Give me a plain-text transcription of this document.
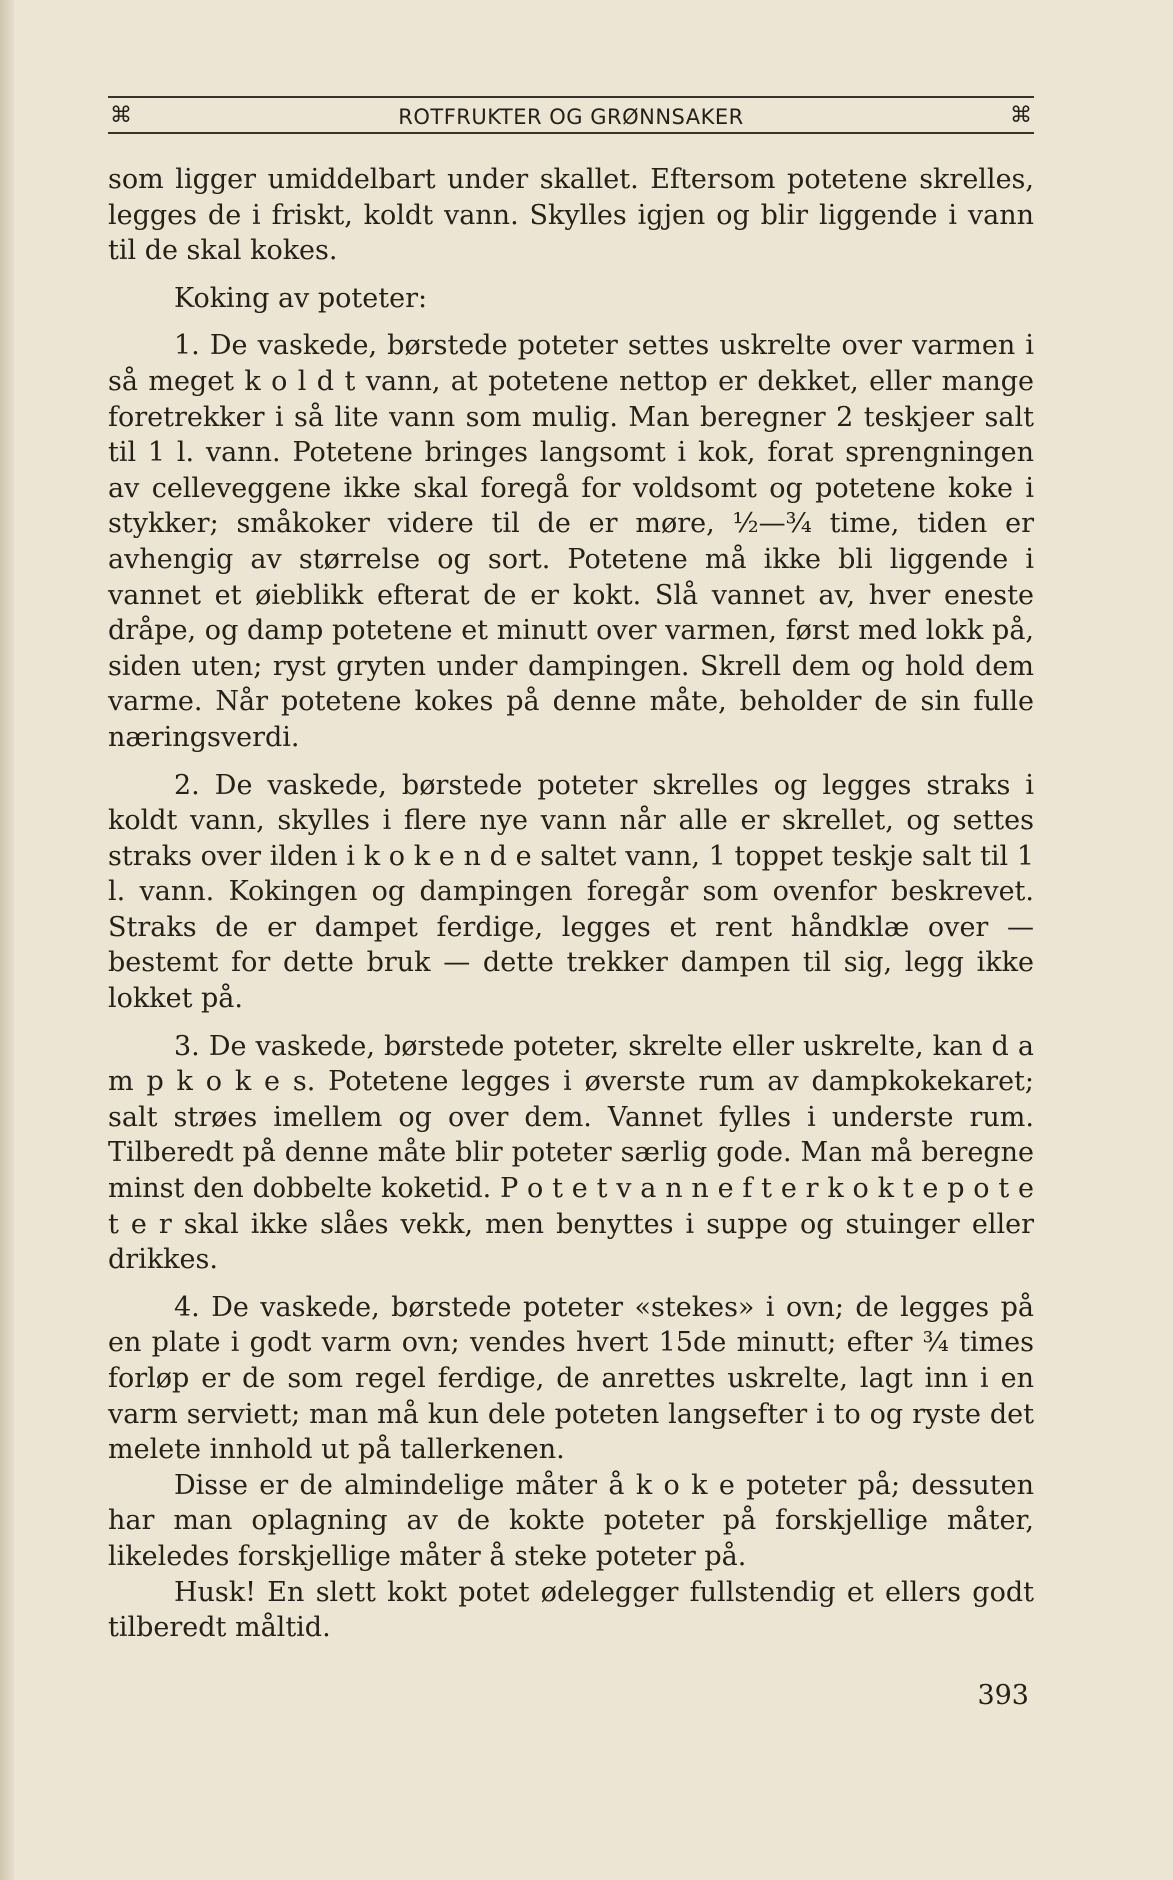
⌘	ROTFRUKTER OG GRØNNSAKER	⌘

som ligger umiddelbart under skallet. Eftersom potetene skrelles, legges de i friskt, koldt vann. Skylles igjen og blir liggende i vann til de skal kokes.

Koking av poteter:

1. De vaskede, børstede poteter settes uskrelte over varmen i så meget k o l d t vann, at potetene nettop er dekket, eller mange foretrekker i så lite vann som mulig. Man beregner 2 teskjeer salt til 1 l. vann. Potetene bringes langsomt i kok, forat sprengningen av celleveggene ikke skal foregå for voldsomt og potetene koke i stykker; småkoker videre til de er møre, ½—¾ time, tiden er avhengig av størrelse og sort. Potetene må ikke bli liggende i vannet et øieblikk efterat de er kokt. Slå vannet av, hver eneste dråpe, og damp potetene et minutt over varmen, først med lokk på, siden uten; ryst gryten under dampingen. Skrell dem og hold dem varme. Når potetene kokes på denne måte, beholder de sin fulle næringsverdi.

2. De vaskede, børstede poteter skrelles og legges straks i koldt vann, skylles i flere nye vann når alle er skrellet, og settes straks over ilden i k o k e n d e saltet vann, 1 toppet teskje salt til 1 l. vann. Kokingen og dampingen foregår som ovenfor beskrevet. Straks de er dampet ferdige, legges et rent håndklæ over — bestemt for dette bruk — dette trekker dampen til sig, legg ikke lokket på.

3. De vaskede, børstede poteter, skrelte eller uskrelte, kan d a m p k o k e s. Potetene legges i øverste rum av dampkokekaret; salt strøes imellem og over dem. Vannet fylles i underste rum. Tilberedt på denne måte blir poteter særlig gode. Man må beregne minst den dobbelte koketid. P o t e t v a n n e f t e r k o k t e p o t e t e r skal ikke slåes vekk, men benyttes i suppe og stuinger eller drikkes.

4. De vaskede, børstede poteter «stekes» i ovn; de legges på en plate i godt varm ovn; vendes hvert 15de minutt; efter ¾ times forløp er de som regel ferdige, de anrettes uskrelte, lagt inn i en varm serviett; man må kun dele poteten langsefter i to og ryste det melete innhold ut på tallerkenen.

Disse er de almindelige måter å k o k e poteter på; dessuten har man oplagning av de kokte poteter på forskjellige måter, likeledes forskjellige måter å steke poteter på.

Husk! En slett kokt potet ødelegger fullstendig et ellers godt tilberedt måltid.

393
